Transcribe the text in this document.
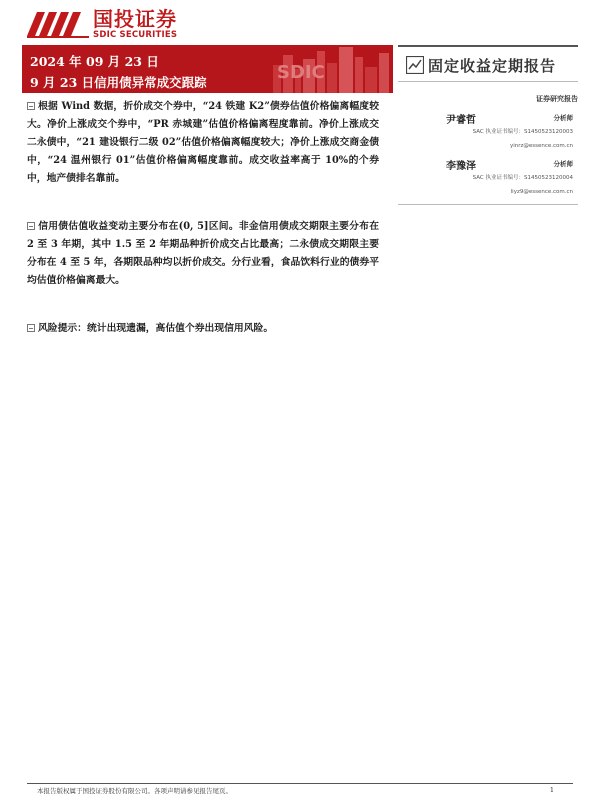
国投证券
SDIC SECURITIES
2024 年 09 月 23 日
9 月 23 日信用债异常成交跟踪	SDIC	固定收益定期报告
证券研究报告
尹睿哲	分析师
SAC 执业证书编号：S1450523120003
yinrz@essence.com.cn
李豫泽	分析师
SAC 执业证书编号：S1450523120004
liyz9@essence.com.cn
根据 Wind 数据，折价成交个券中，“24 铁建 K2”债券估值价格偏离幅度较大。净价上涨成交个券中，“PR 赤城建”估值价格偏离程度靠前。净价上涨成交二永债中，“21 建设银行二级 02”估值价格偏离幅度较大；净价上涨成交商金债中，“24 温州银行 01”估值价格偏离幅度靠前。成交收益率高于 10%的个券中，地产债排名靠前。
信用债估值收益变动主要分布在(0, 5]区间。非金信用债成交期限主要分布在 2 至 3 年期，其中 1.5 至 2 年期品种折价成交占比最高；二永债成交期限主要分布在 4 至 5 年，各期限品种均以折价成交。分行业看，食品饮料行业的债券平均估值价格偏离最大。
风险提示：统计出现遗漏，高估值个券出现信用风险。
本报告版权属于国投证券股份有限公司。各项声明请参见报告尾页。	1
